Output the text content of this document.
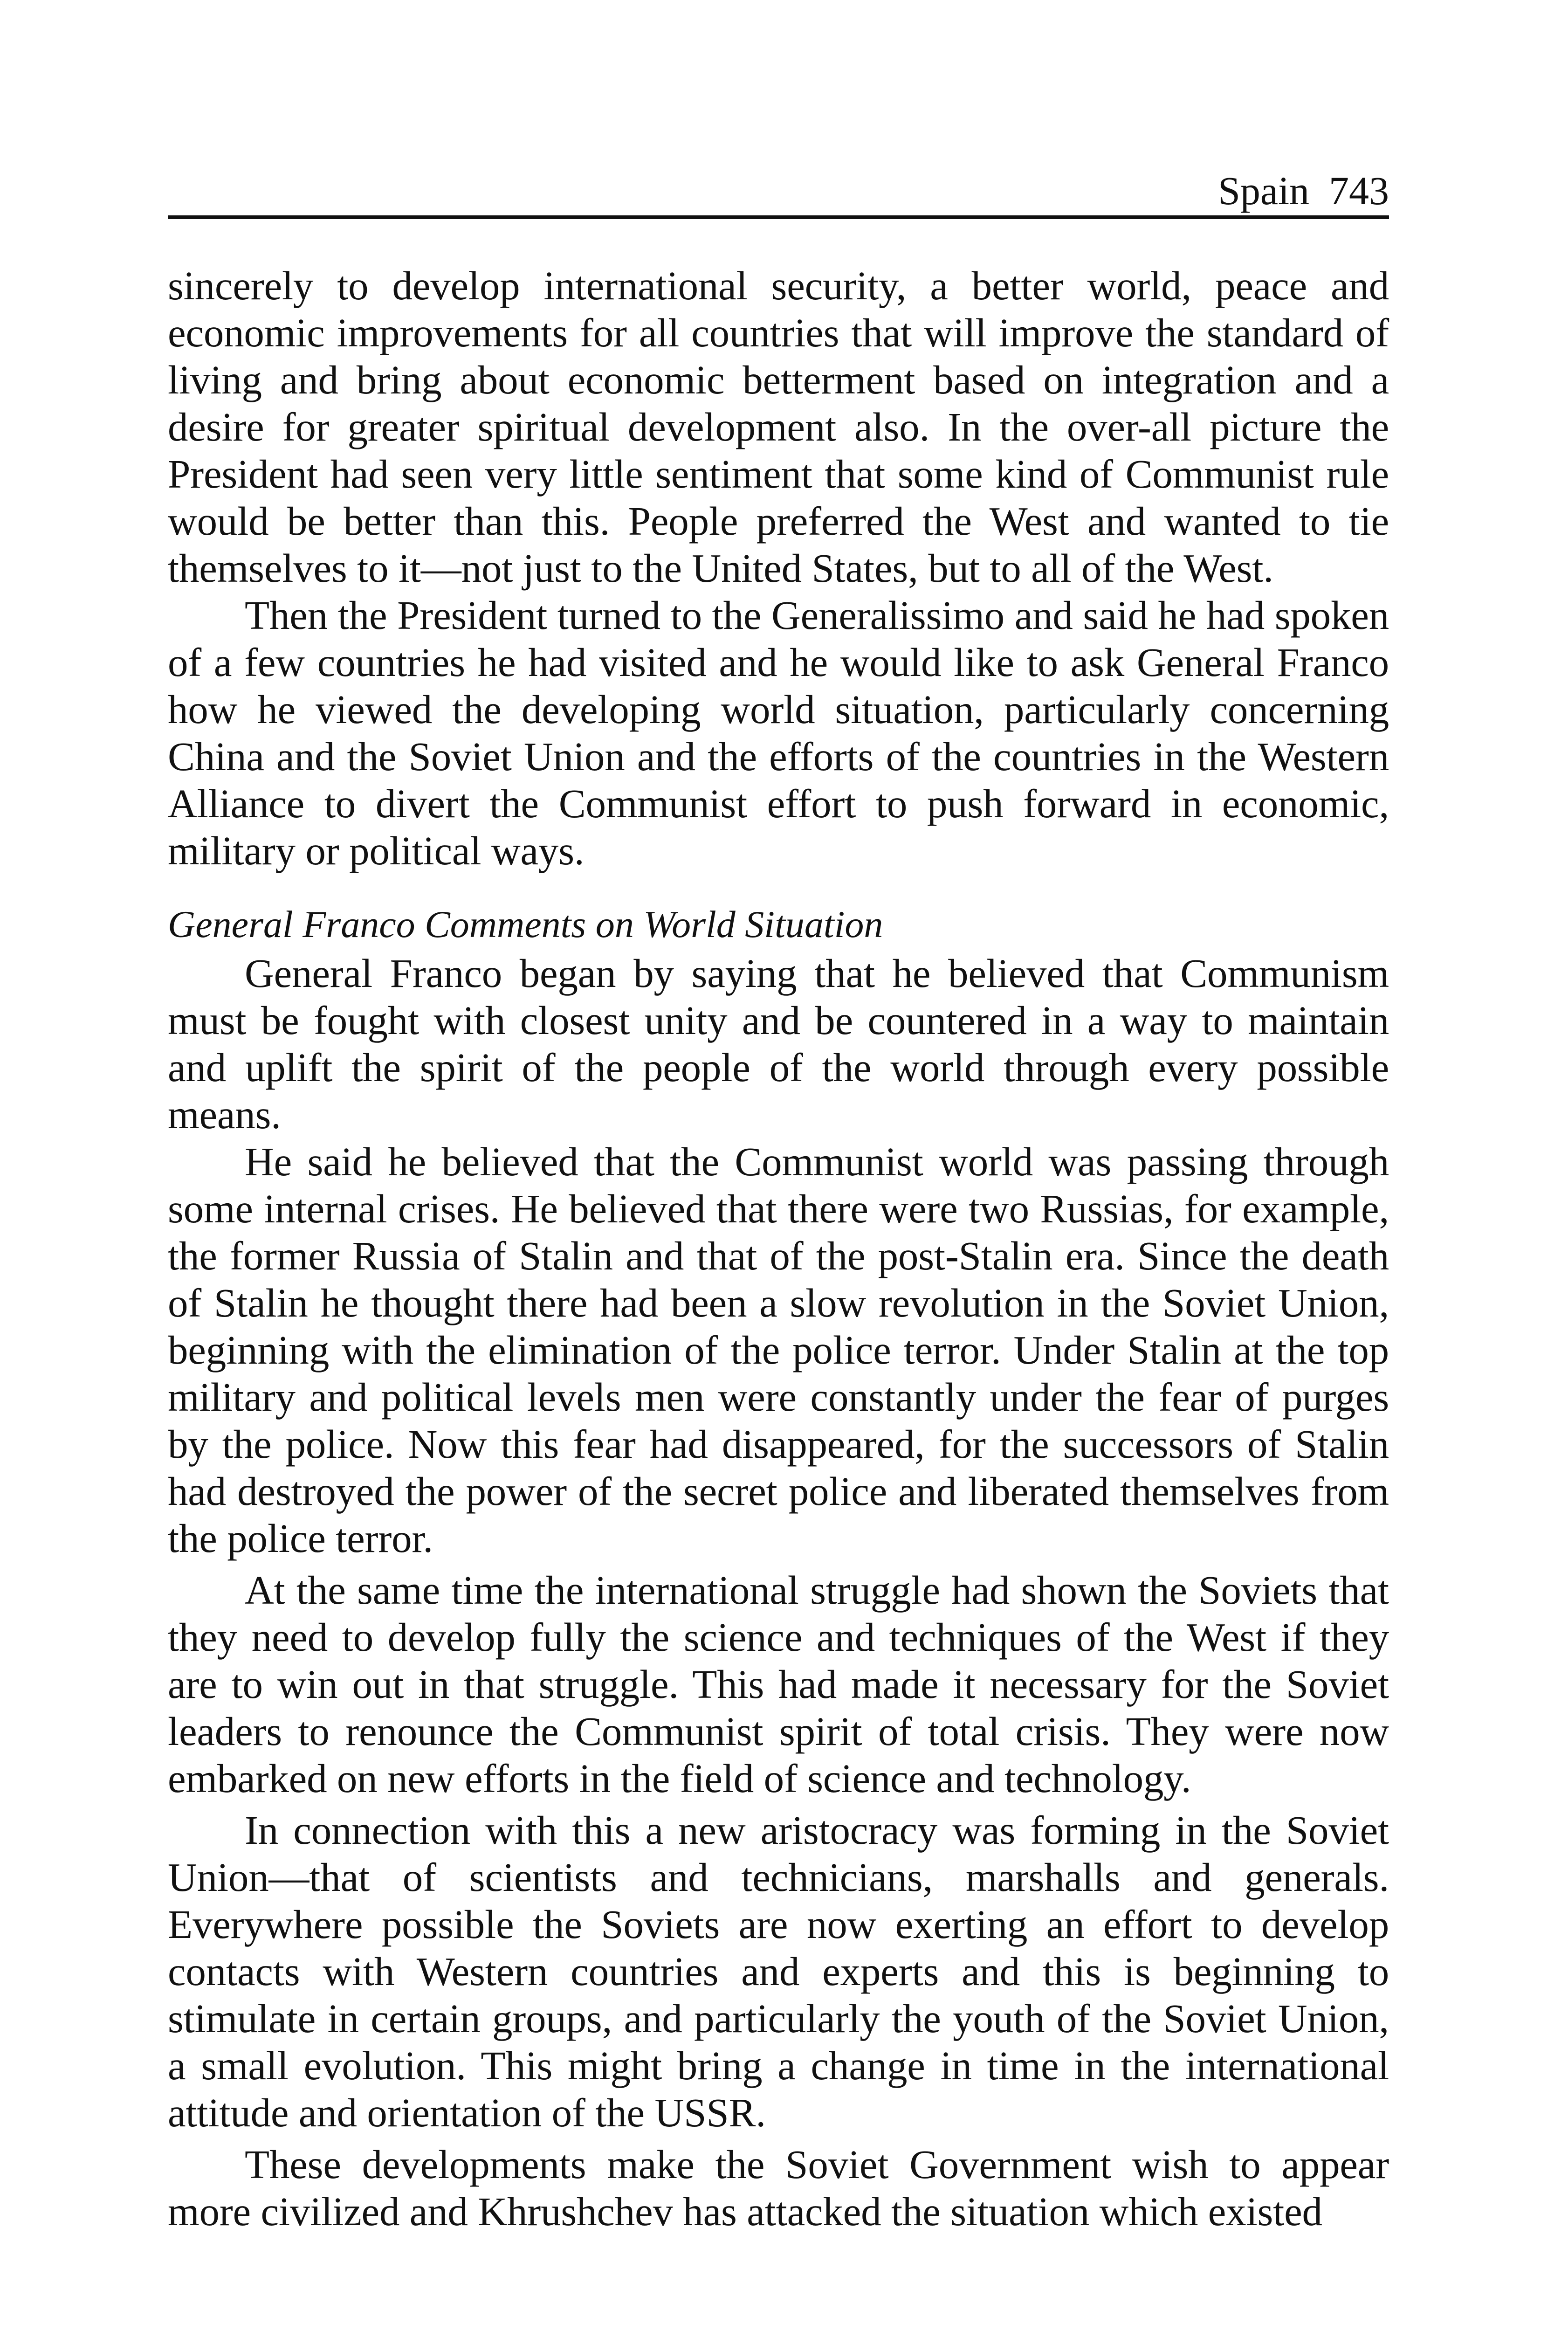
Spain 743

sincerely to develop international security, a better world, peace and economic improvements for all countries that will improve the standard of living and bring about economic betterment based on integration and a desire for greater spiritual development also. In the over-all picture the President had seen very little sentiment that some kind of Communist rule would be better than this. People preferred the West and wanted to tie themselves to it—not just to the United States, but to all of the West.

Then the President turned to the Generalissimo and said he had spoken of a few countries he had visited and he would like to ask General Franco how he viewed the developing world situation, particularly concerning China and the Soviet Union and the efforts of the countries in the Western Alliance to divert the Communist effort to push forward in economic, military or political ways.

General Franco Comments on World Situation

General Franco began by saying that he believed that Communism must be fought with closest unity and be countered in a way to maintain and uplift the spirit of the people of the world through every possible means.

He said he believed that the Communist world was passing through some internal crises. He believed that there were two Russias, for example, the former Russia of Stalin and that of the post-Stalin era. Since the death of Stalin he thought there had been a slow revolution in the Soviet Union, beginning with the elimination of the police terror. Under Stalin at the top military and political levels men were constantly under the fear of purges by the police. Now this fear had disappeared, for the successors of Stalin had destroyed the power of the secret police and liberated themselves from the police terror.

At the same time the international struggle had shown the Soviets that they need to develop fully the science and techniques of the West if they are to win out in that struggle. This had made it necessary for the Soviet leaders to renounce the Communist spirit of total crisis. They were now embarked on new efforts in the field of science and technology.

In connection with this a new aristocracy was forming in the Soviet Union—that of scientists and technicians, marshalls and generals. Everywhere possible the Soviets are now exerting an effort to develop contacts with Western countries and experts and this is beginning to stimulate in certain groups, and particularly the youth of the Soviet Union, a small evolution. This might bring a change in time in the international attitude and orientation of the USSR.

These developments make the Soviet Government wish to appear more civilized and Khrushchev has attacked the situation which existed
